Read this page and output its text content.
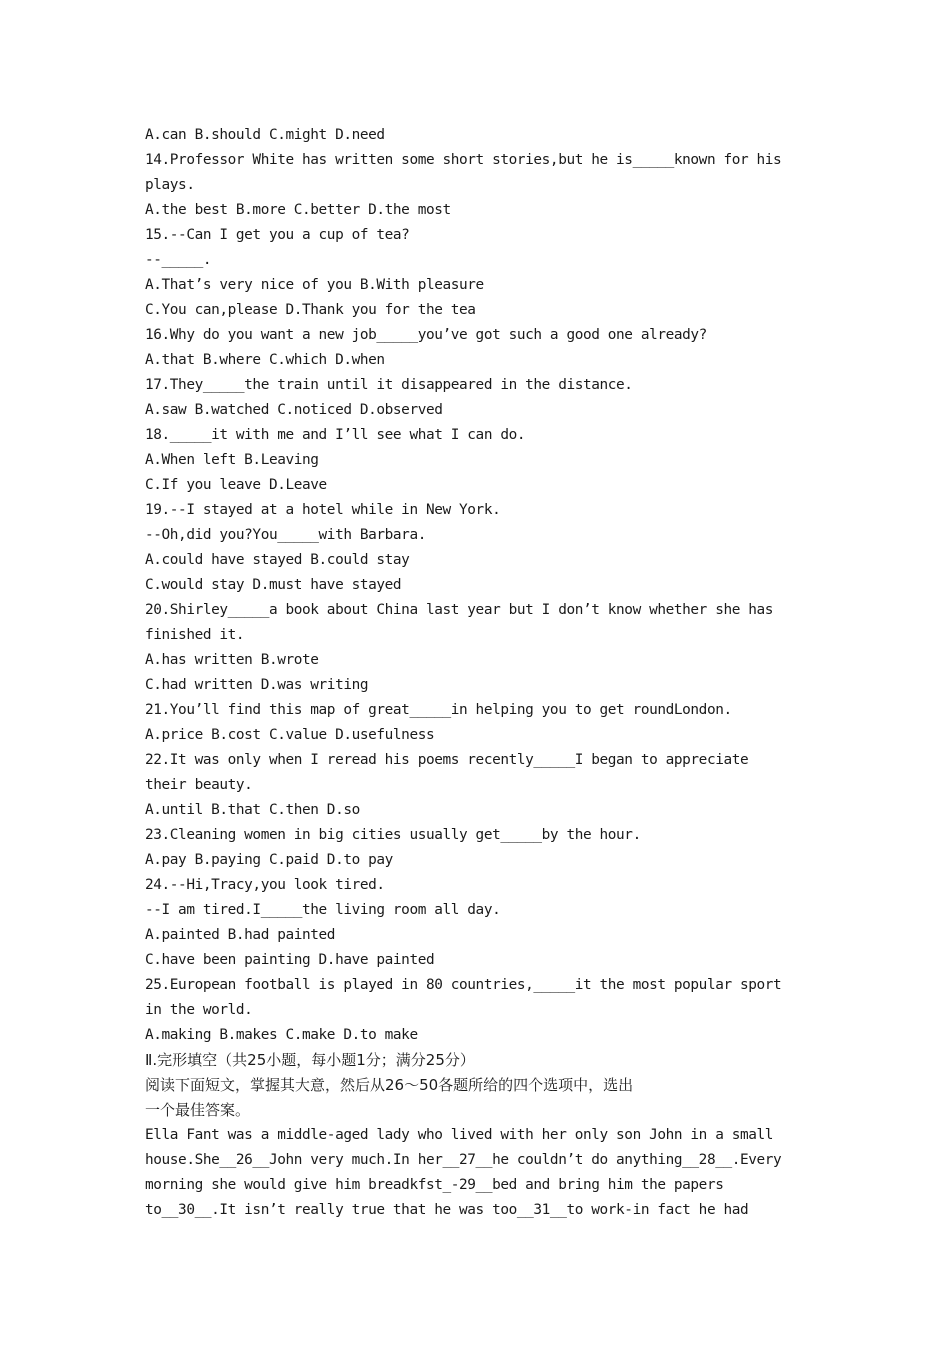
A.can B.should C.might D.need
14.Professor White has written some short stories,but he is_____known for his
plays.
A.the best B.more C.better D.the most
15.--Can I get you a cup of tea?
--_____.
A.That’s very nice of you B.With pleasure
C.You can,please D.Thank you for the tea
16.Why do you want a new job_____you’ve got such a good one already?
A.that B.where C.which D.when
17.They_____the train until it disappeared in the distance.
A.saw B.watched C.noticed D.observed
18._____it with me and I’ll see what I can do.
A.When left B.Leaving
C.If you leave D.Leave
19.--I stayed at a hotel while in New York.
--Oh,did you?You_____with Barbara.
A.could have stayed B.could stay
C.would stay D.must have stayed
20.Shirley_____a book about China last year but I don’t know whether she has
finished it.
A.has written B.wrote
C.had written D.was writing
21.You’ll find this map of great_____in helping you to get roundLondon.
A.price B.cost C.value D.usefulness
22.It was only when I reread his poems recently_____I began to appreciate
their beauty.
A.until B.that C.then D.so
23.Cleaning women in big cities usually get_____by the hour.
A.pay B.paying C.paid D.to pay
24.--Hi,Tracy,you look tired.
--I am tired.I_____the living room all day.
A.painted B.had painted
C.have been painting D.have painted
25.European football is played in 80 countries,_____it the most popular sport
in the world.
A.making B.makes C.make D.to make
Ⅱ.完形填空（共25小题，每小题1分；满分25分）
阅读下面短文，掌握其大意，然后从26～50各题所给的四个选项中，选出
一个最佳答案。
Ella Fant was a middle-aged lady who lived with her only son John in a small
house.She__26__John very much.In her__27__he couldn’t do anything__28__.Every
morning she would give him breadkfst_-29__bed and bring him the papers
to__30__.It isn’t really true that he was too__31__to work-in fact he had
